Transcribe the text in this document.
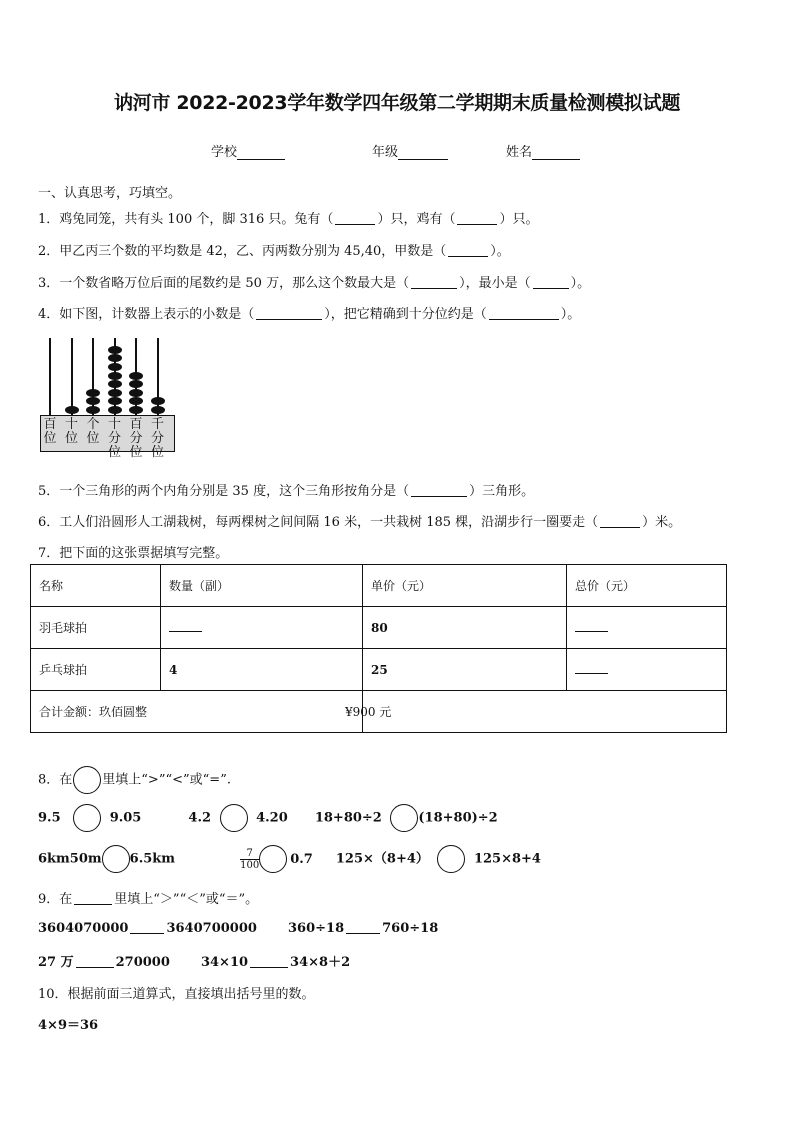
讷河市 2022-2023学年数学四年级第二学期期末质量检测模拟试题
学校	年级	姓名
一、认真思考，巧填空。
1．鸡兔同笼，共有头 100 个，脚 316 只。兔有（	）只，鸡有（	）只。
2．甲乙丙三个数的平均数是 42，乙、丙两数分别为 45,40，甲数是（	）。
3．一个数省略万位后面的尾数约是 50 万，那么这个数最大是（	），最小是（	）。
4．如下图，计数器上表示的小数是（	），把它精确到十分位约是（	）。
百位
十位
个位
十分位
百分位
千分位
5．一个三角形的两个内角分别是 35 度，这个三角形按角分是（	）三角形。
6．工人们沿圆形人工湖栽树，每两棵树之间间隔 16 米，一共栽树 185 棵，沿湖步行一圈要走（	）米。
7．把下面的这张票据填写完整。
名称	数量（副）	单价（元）	总价（元）
羽毛球拍		80	
乒乓球拍	4	25	
合计金额：玖佰圆整		¥900 元	
8．在 里填上“>”“<”或“=”.
9.5	9.05	4.2	4.20 18+80÷2	(18+80)÷2
6km50m 6.5km	$\frac{7}{100} 0.7$ 125×（8+4）	125×8+4
9．在	里填上“＞”“＜”或“＝”。
3604070000	3640700000 360÷18	760÷18
27 万	270000 34×10	34×8＋2
10．根据前面三道算式，直接填出括号里的数。
4×9＝36
